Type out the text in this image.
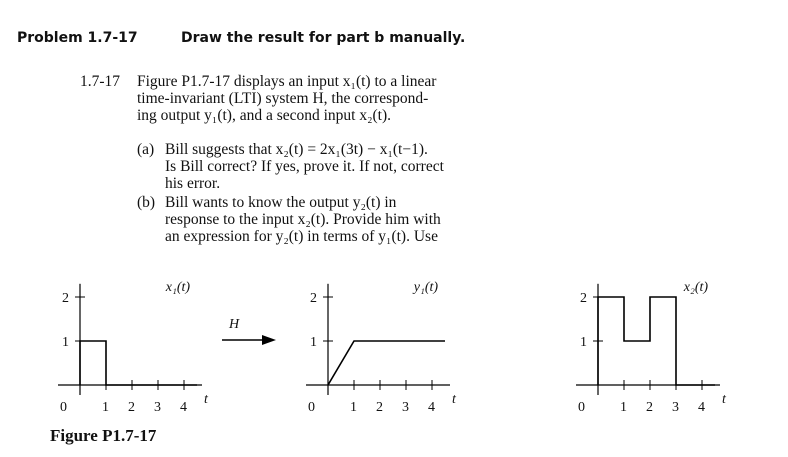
Problem 1.7-17	Draw the result for part b manually.
1.7-17 Figure P1.7-17 displays an input x₁(t) to a linear
time-invariant (LTI) system H, the correspond-
ing output y₁(t), and a second input x₂(t).
(a) Bill suggests that x₂(t) = 2x₁(3t) − x₁(t−1).
Is Bill correct? If yes, prove it. If not, correct
his error.
(b) Bill wants to know the output y₂(t) in
response to the input x₂(t). Provide him with
an expression for y₂(t) in terms of y₁(t). Use
H
1
2
0	1 2 3 4
t
x₁(t)
1
2
0	1 2 3 4
t
y₁(t)
1
2
0	1 2 3 4
t
x₂(t)
Figure P1.7-17
